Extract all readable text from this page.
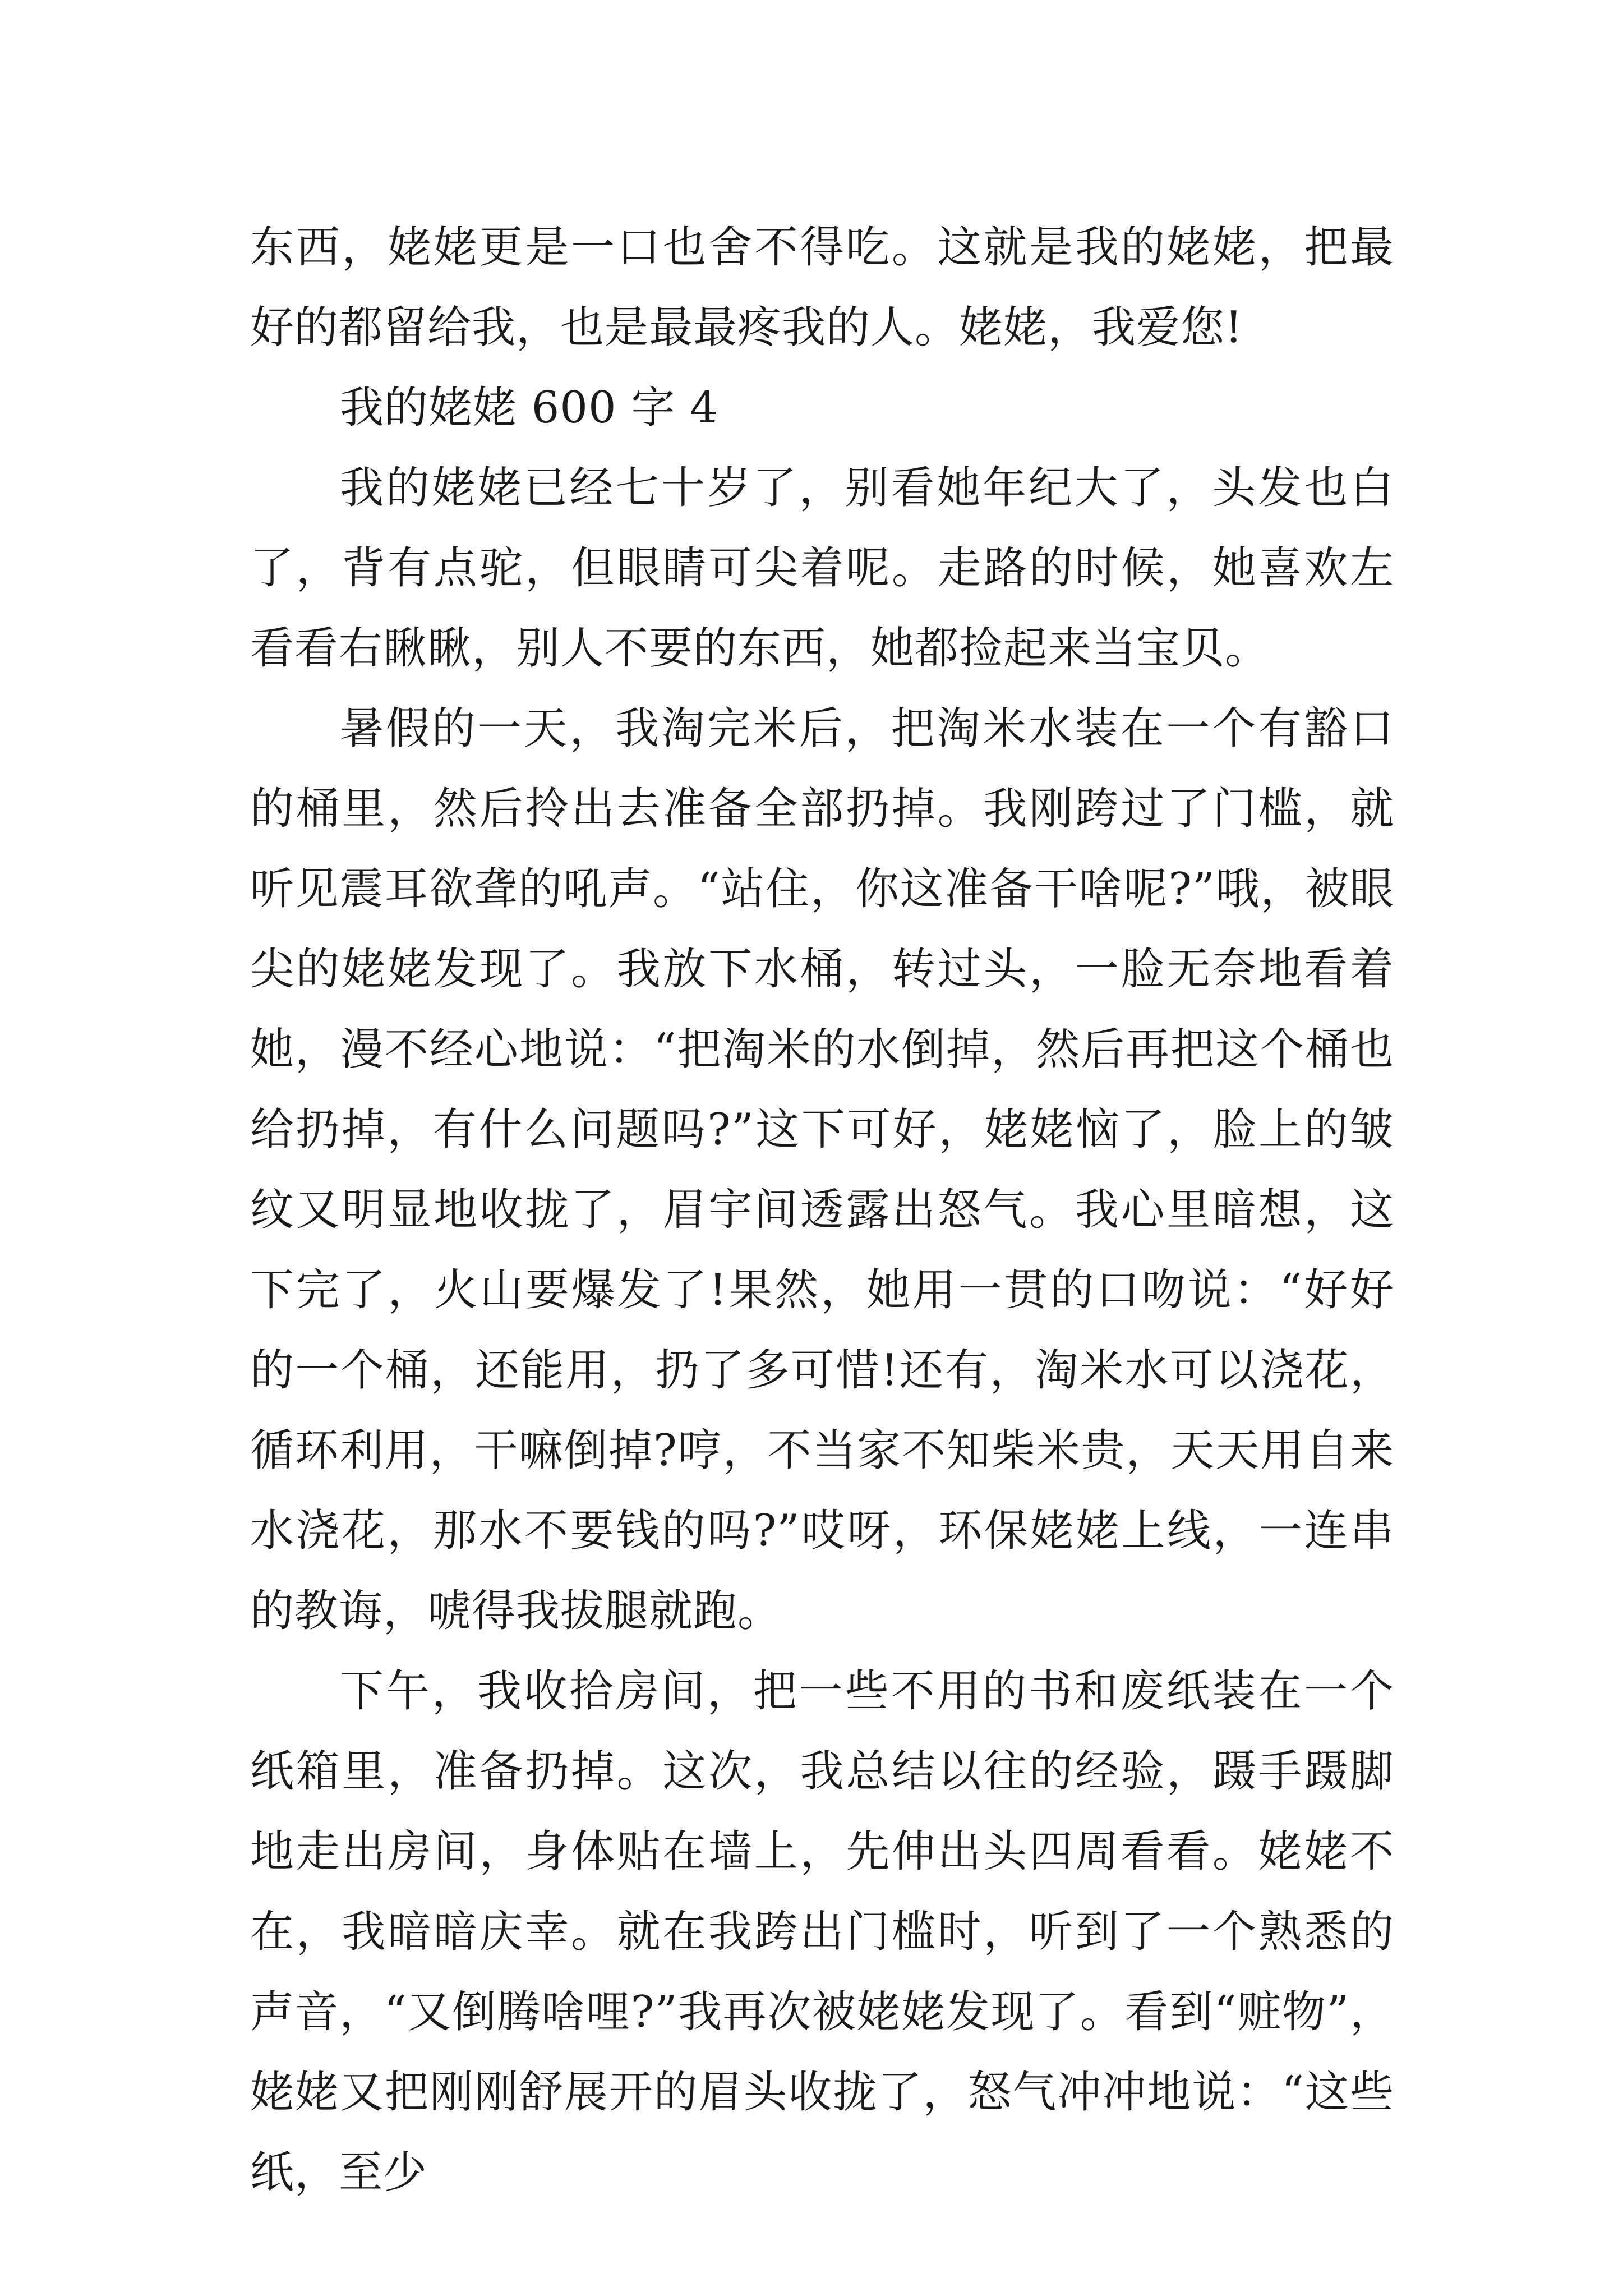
东西，姥姥更是一口也舍不得吃。这就是我的姥姥，把最好的都留给我，也是最最疼我的人。姥姥，我爱您!

我的姥姥 600 字 4

我的姥姥已经七十岁了，别看她年纪大了，头发也白了，背有点驼，但眼睛可尖着呢。走路的时候，她喜欢左看看右瞅瞅，别人不要的东西，她都捡起来当宝贝。

暑假的一天，我淘完米后，把淘米水装在一个有豁口的桶里，然后拎出去准备全部扔掉。我刚跨过了门槛，就听见震耳欲聋的吼声。“站住，你这准备干啥呢?”哦，被眼尖的姥姥发现了。我放下水桶，转过头，一脸无奈地看着她，漫不经心地说：“把淘米的水倒掉，然后再把这个桶也给扔掉，有什么问题吗?”这下可好，姥姥恼了，脸上的皱纹又明显地收拢了，眉宇间透露出怒气。我心里暗想，这下完了，火山要爆发了!果然，她用一贯的口吻说：“好好的一个桶，还能用，扔了多可惜!还有，淘米水可以浇花，循环利用，干嘛倒掉?哼，不当家不知柴米贵，天天用自来水浇花，那水不要钱的吗?”哎呀，环保姥姥上线，一连串的教诲，唬得我拔腿就跑。

下午，我收拾房间，把一些不用的书和废纸装在一个纸箱里，准备扔掉。这次，我总结以往的经验，蹑手蹑脚地走出房间，身体贴在墙上，先伸出头四周看看。姥姥不在，我暗暗庆幸。就在我跨出门槛时，听到了一个熟悉的声音，“又倒腾啥哩?”我再次被姥姥发现了。看到“赃物”，姥姥又把刚刚舒展开的眉头收拢了，怒气冲冲地说：“这些纸，至少
